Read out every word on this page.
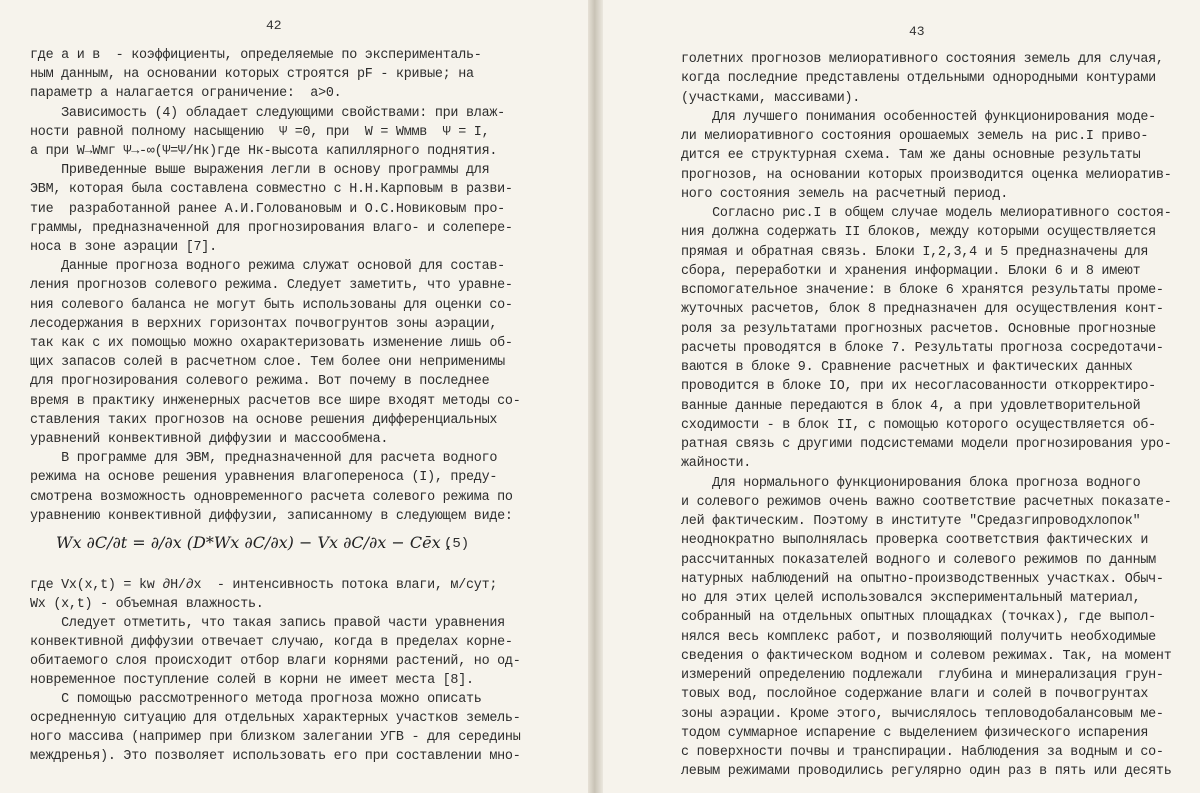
42
где a и в  - коэффициенты, определяемые по эксперименталь-
ным данным, на основании которых строятся pF - кривые; на
параметр a налагается ограничение:  a>0.
Зависимость (4) обладает следующими свойствами: при влаж-
ности равной полному насыщению  Ψ =0, при  W = Wммв  Ψ = I,
а при W→Wмг Ψ→-∞(Ψ=Ψ/Hк)где Hк-высота капиллярного поднятия.
Приведенные выше выражения легли в основу программы для
ЭВМ, которая была составлена совместно с Н.Н.Карповым в разви-
тие  разработанной ранее А.И.Головановым и О.С.Новиковым про-
граммы, предназначенной для прогнозирования влаго- и солепере-
носа в зоне аэрации [7].
Данные прогноза водного режима служат основой для состав-
ления прогнозов солевого режима. Следует заметить, что уравне-
ния солевого баланса не могут быть использованы для оценки со-
лесодержания в верхних горизонтах почвогрунтов зоны аэрации,
так как с их помощью можно охарактеризовать изменение лишь об-
щих запасов солей в расчетном слое. Тем более они неприменимы
для прогнозирования солевого режима. Вот почему в последнее
время в практику инженерных расчетов все шире входят методы со-
ставления таких прогнозов на основе решения дифференциальных
уравнений конвективной диффузии и массообмена.
В программе для ЭВМ, предназначенной для расчета водного
режима на основе решения уравнения влагопереноса (I), преду-
смотрена возможность одновременного расчета солевого режима по
уравнению конвективной диффузии, записанному в следующем виде:
Wx ∂C/∂t = ∂/∂x (D*Wx ∂C/∂x) − Vx ∂C/∂x − Cēx ,
(5)
где Vx(x,t) = kw ∂H/∂x  - интенсивность потока влаги, м/сут;
Wx (x,t) - объемная влажность.
Следует отметить, что такая запись правой части уравнения
конвективной диффузии отвечает случаю, когда в пределах корне-
обитаемого слоя происходит отбор влаги корнями растений, но од-
новременное поступление солей в корни не имеет места [8].
С помощью рассмотренного метода прогноза можно описать
осредненную ситуацию для отдельных характерных участков земель-
ного массива (например при близком залегании УГВ - для середины
междренья). Это позволяет использовать его при составлении мно-
43
голетних прогнозов мелиоративного состояния земель для случая,
когда последние представлены отдельными однородными контурами
(участками, массивами).
Для лучшего понимания особенностей функционирования моде-
ли мелиоративного состояния орошаемых земель на рис.I приво-
дится ее структурная схема. Там же даны основные результаты
прогнозов, на основании которых производится оценка мелиоратив-
ного состояния земель на расчетный период.
Согласно рис.I в общем случае модель мелиоративного состоя-
ния должна содержать II блоков, между которыми осуществляется
прямая и обратная связь. Блоки I,2,3,4 и 5 предназначены для
сбора, переработки и хранения информации. Блоки 6 и 8 имеют
вспомогательное значение: в блоке 6 хранятся результаты проме-
жуточных расчетов, блок 8 предназначен для осуществления конт-
роля за результатами прогнозных расчетов. Основные прогнозные
расчеты проводятся в блоке 7. Результаты прогноза сосредотачи-
ваются в блоке 9. Сравнение расчетных и фактических данных
проводится в блоке IO, при их несогласованности откорректиро-
ванные данные передаются в блок 4, а при удовлетворительной
сходимости - в блок II, с помощью которого осуществляется об-
ратная связь с другими подсистемами модели прогнозирования уро-
жайности.
Для нормального функционирования блока прогноза водного
и солевого режимов очень важно соответствие расчетных показате-
лей фактическим. Поэтому в институте "Средазгипроводхлопок"
неоднократно выполнялась проверка соответствия фактических и
рассчитанных показателей водного и солевого режимов по данным
натурных наблюдений на опытно-производственных участках. Обыч-
но для этих целей использовался экспериментальный материал,
собранный на отдельных опытных площадках (точках), где выпол-
нялся весь комплекс работ, и позволяющий получить необходимые
сведения о фактическом водном и солевом режимах. Так, на момент
измерений определению подлежали  глубина и минерализация грун-
товых вод, послойное содержание влаги и солей в почвогрунтах
зоны аэрации. Кроме этого, вычислялось тепловодобалансовым ме-
тодом суммарное испарение с выделением физического испарения
с поверхности почвы и транспирации. Наблюдения за водным и со-
левым режимами проводились регулярно один раз в пять или десять
